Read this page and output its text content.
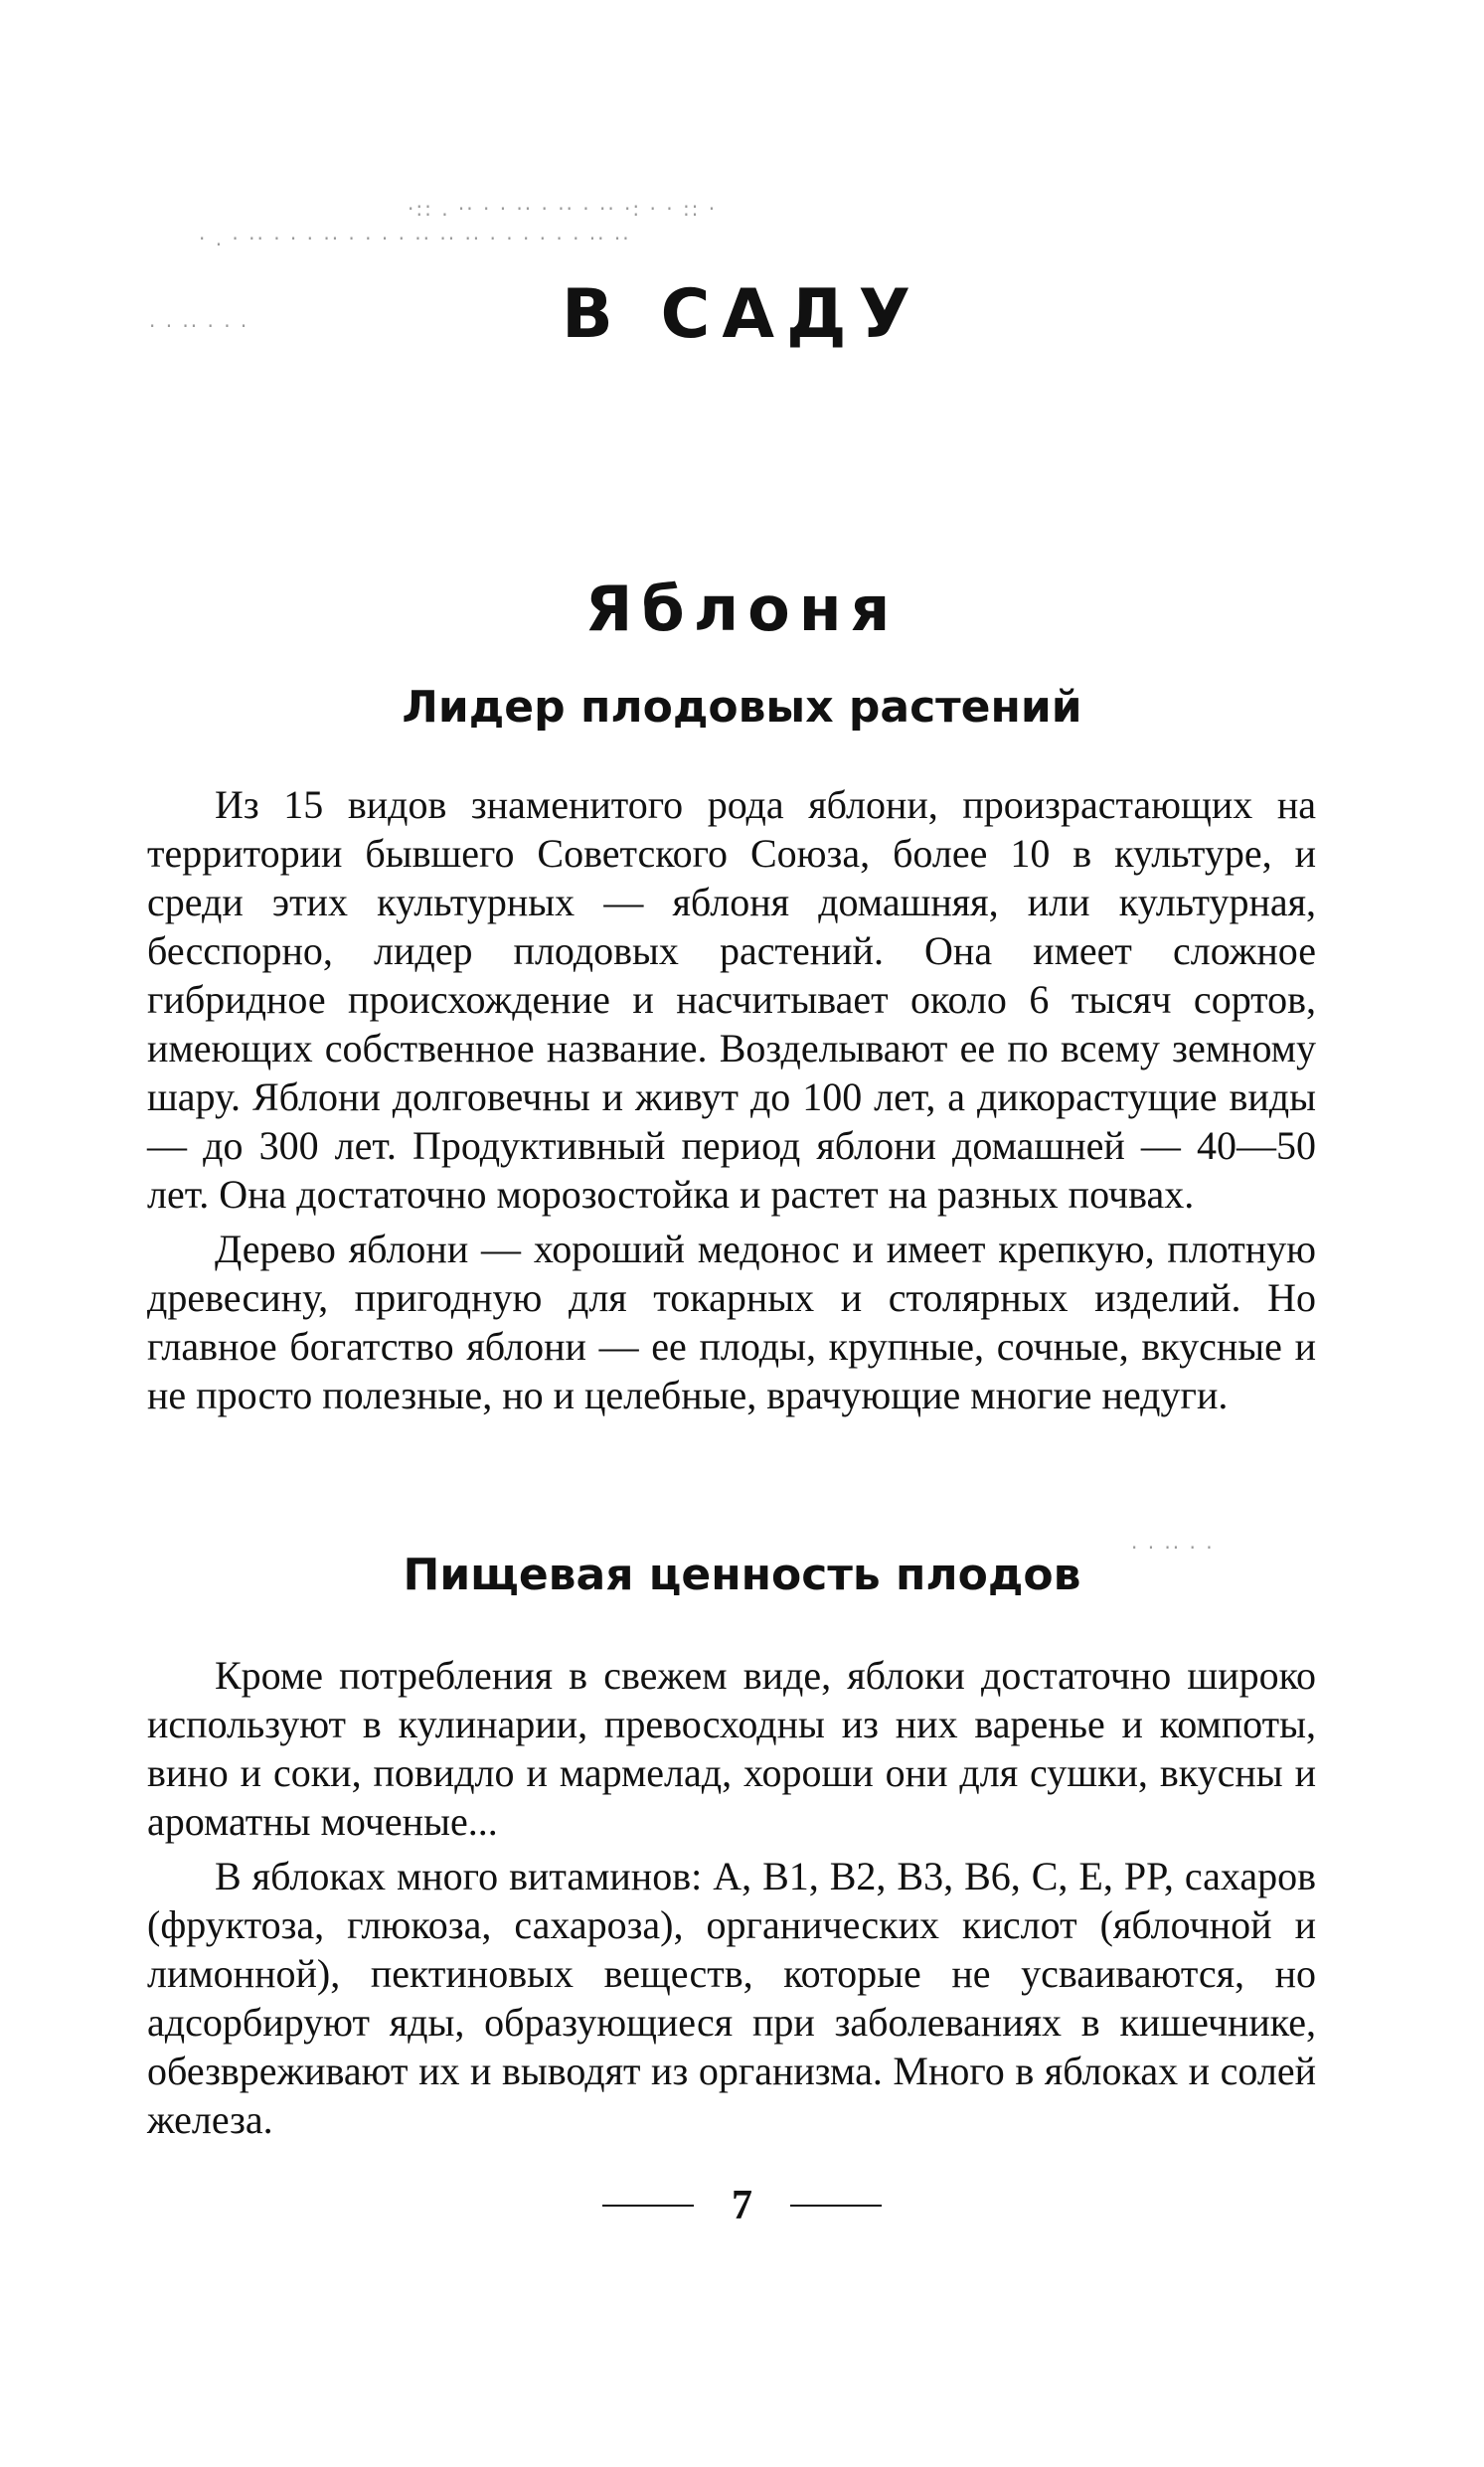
·:: . ·· · · ·· · ·· · ·· ·: · · :: ·
· . · ·· · · · ·· · · · · ·· ·· ·· · · · · · · ·· ··
· · ·· · · ·
· · ·· · ·
В САДУ
Яблоня
Лидер плодовых растений

Из 15 видов знаменитого рода яблони, произрастающих на территории бывшего Советского Союза, более 10 в культуре, и среди этих культурных — яблоня домашняя, или культурная, бесспорно, лидер плодовых растений. Она имеет сложное гибридное происхождение и насчитывает около 6 тысяч сортов, имеющих собственное название. Возделывают ее по всему земному шару. Яблони долговечны и живут до 100 лет, а дикорастущие виды — до 300 лет. Продуктивный период яблони домашней — 40—50 лет. Она достаточно морозостойка и растет на разных почвах.

Дерево яблони — хороший медонос и имеет крепкую, плотную древесину, пригодную для токарных и столярных изделий. Но главное богатство яблони — ее плоды, крупные, сочные, вкусные и не просто полезные, но и целебные, врачующие многие недуги.

Пищевая ценность плодов

Кроме потребления в свежем виде, яблоки достаточно широко используют в кулинарии, превосходны из них варенье и компоты, вино и соки, повидло и мармелад, хороши они для сушки, вкусны и ароматны моченые...

В яблоках много витаминов: A, B1, B2, B3, B6, C, E, PP, сахаров (фруктоза, глюкоза, сахароза), органических кислот (яблочной и лимонной), пектиновых веществ, которые не усваиваются, но адсорбируют яды, образующиеся при заболеваниях в кишечнике, обезвреживают их и выводят из организма. Много в яблоках и солей железа.

7
